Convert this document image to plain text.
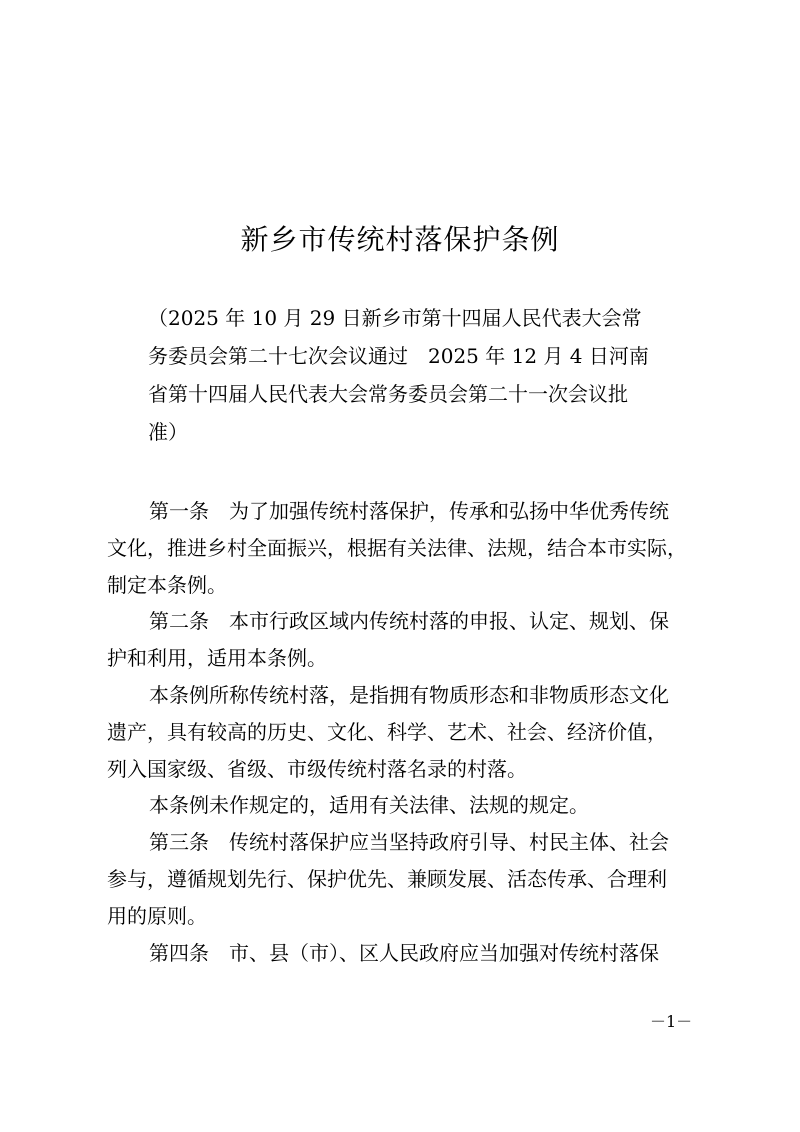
新乡市传统村落保护条例
（2025 年 10 月 29 日新乡市第十四届人民代表大会常
务委员会第二十七次会议通过　2025 年 12 月 4 日河南
省第十四届人民代表大会常务委员会第二十一次会议批
准）
第一条　为了加强传统村落保护，传承和弘扬中华优秀传统
文化，推进乡村全面振兴，根据有关法律、法规，结合本市实际，
制定本条例。
第二条　本市行政区域内传统村落的申报、认定、规划、保
护和利用，适用本条例。
本条例所称传统村落，是指拥有物质形态和非物质形态文化
遗产，具有较高的历史、文化、科学、艺术、社会、经济价值，
列入国家级、省级、市级传统村落名录的村落。
本条例未作规定的，适用有关法律、法规的规定。
第三条　传统村落保护应当坚持政府引导、村民主体、社会
参与，遵循规划先行、保护优先、兼顾发展、活态传承、合理利
用的原则。
第四条　市、县（市）、区人民政府应当加强对传统村落保
－1－
